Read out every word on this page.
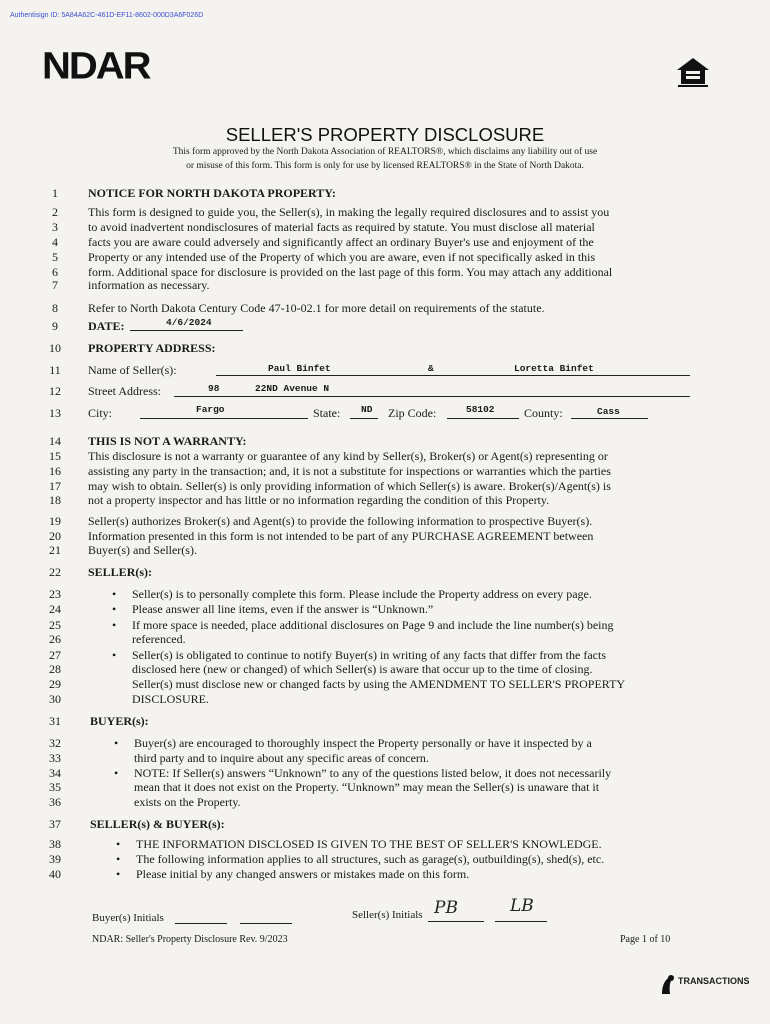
Authentisign ID: 5A84A62C-461D-EF11-8602-000D3A6F026D
NDAR
SELLER'S PROPERTY DISCLOSURE
This form approved by the North Dakota Association of REALTORS®, which disclaims any liability out of use
or misuse of this form. This form is only for use by licensed REALTORS® in the State of North Dakota.
1
2
3
4
5
6
7
8
9
10
11
12
13
14
15
16
17
18
19
20
21
22
23
24
25
26
27
28
29
30
31
32
33
34
35
36
37
38
39
40
NOTICE FOR NORTH DAKOTA PROPERTY:
This form is designed to guide you, the Seller(s), in making the legally required disclosures and to assist you
to avoid inadvertent nondisclosures of material facts as required by statute. You must disclose all material
facts you are aware could adversely and significantly affect an ordinary Buyer's use and enjoyment of the
Property or any intended use of the Property of which you are aware, even if not specifically asked in this
form. Additional space for disclosure is provided on the last page of this form. You may attach any additional
information as necessary.
Refer to North Dakota Century Code 47-10-02.1 for more detail on requirements of the statute.
DATE:	4/6/2024
PROPERTY ADDRESS:
Name of Seller(s):	Paul Binfet	&	Loretta Binfet
Street Address:	98	22ND Avenue N
City:	Fargo	State: ND Zip Code:	58102 County:	Cass
THIS IS NOT A WARRANTY:
This disclosure is not a warranty or guarantee of any kind by Seller(s), Broker(s) or Agent(s) representing or
assisting any party in the transaction; and, it is not a substitute for inspections or warranties which the parties
may wish to obtain. Seller(s) is only providing information of which Seller(s) is aware. Broker(s)/Agent(s) is
not a property inspector and has little or no information regarding the condition of this Property.
Seller(s) authorizes Broker(s) and Agent(s) to provide the following information to prospective Buyer(s).
Information presented in this form is not intended to be part of any PURCHASE AGREEMENT between
Buyer(s) and Seller(s).
SELLER(s):
• Seller(s) is to personally complete this form. Please include the Property address on every page.
• Please answer all line items, even if the answer is “Unknown.”
• If more space is needed, place additional disclosures on Page 9 and include the line number(s) being
referenced.
• Seller(s) is obligated to continue to notify Buyer(s) in writing of any facts that differ from the facts
disclosed here (new or changed) of which Seller(s) is aware that occur up to the time of closing.
Seller(s) must disclose new or changed facts by using the AMENDMENT TO SELLER'S PROPERTY
DISCLOSURE.
BUYER(s):
• Buyer(s) are encouraged to thoroughly inspect the Property personally or have it inspected by a
third party and to inquire about any specific areas of concern.
• NOTE: If Seller(s) answers “Unknown” to any of the questions listed below, it does not necessarily
mean that it does not exist on the Property. “Unknown” may mean the Seller(s) is unaware that it
exists on the Property.
SELLER(s) & BUYER(s):
• THE INFORMATION DISCLOSED IS GIVEN TO THE BEST OF SELLER'S KNOWLEDGE.
• The following information applies to all structures, such as garage(s), outbuilding(s), shed(s), etc.
• Please initial by any changed answers or mistakes made on this form.
Buyer(s) Initials	Seller(s) Initials PB	LB
NDAR: Seller's Property Disclosure Rev. 9/2023	Page 1 of 10
TRANSACTIONS
